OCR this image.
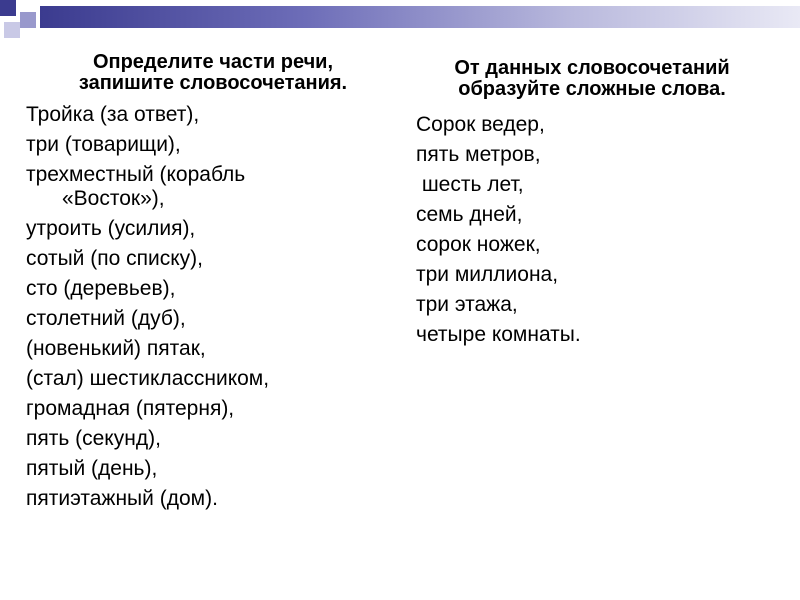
Определите части речи, запишите словосочетания.
Тройка (за ответ),
три (товарищи),
трехместный (корабль
«Восток»),
утроить (усилия),
сотый (по списку),
сто (деревьев),
столетний (дуб),
(новенький) пятак,
(стал) шестиклассником,
громадная (пятерня),
пять (секунд),
пятый (день),
пятиэтажный (дом).
От данных словосочетаний образуйте сложные слова.
Сорок ведер,
пять метров,
шесть лет,
семь дней,
сорок ножек,
три миллиона,
три этажа,
четыре комнаты.
